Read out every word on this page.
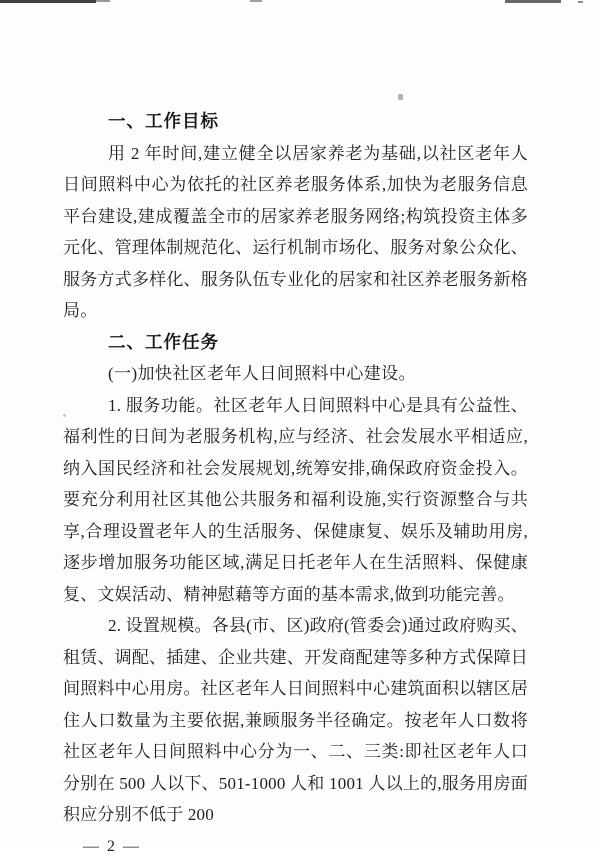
一、工作目标

用 2 年时间,建立健全以居家养老为基础,以社区老年人日间照料中心为依托的社区养老服务体系,加快为老服务信息平台建设,建成覆盖全市的居家养老服务网络;构筑投资主体多元化、管理体制规范化、运行机制市场化、服务对象公众化、服务方式多样化、服务队伍专业化的居家和社区养老服务新格局。

二、工作任务

(一)加快社区老年人日间照料中心建设。

1. 服务功能。社区老年人日间照料中心是具有公益性、福利性的日间为老服务机构,应与经济、社会发展水平相适应,纳入国民经济和社会发展规划,统筹安排,确保政府资金投入。要充分利用社区其他公共服务和福利设施,实行资源整合与共享,合理设置老年人的生活服务、保健康复、娱乐及辅助用房,逐步增加服务功能区域,满足日托老年人在生活照料、保健康复、文娱活动、精神慰藉等方面的基本需求,做到功能完善。

2. 设置规模。各县(市、区)政府(管委会)通过政府购买、租赁、调配、插建、企业共建、开发商配建等多种方式保障日间照料中心用房。社区老年人日间照料中心建筑面积以辖区居住人口数量为主要依据,兼顾服务半径确定。按老年人口数将社区老年人日间照料中心分为一、二、三类:即社区老年人口分别在 500 人以下、501-1000 人和 1001 人以上的,服务用房面积应分别不低于 200

— 2 —
